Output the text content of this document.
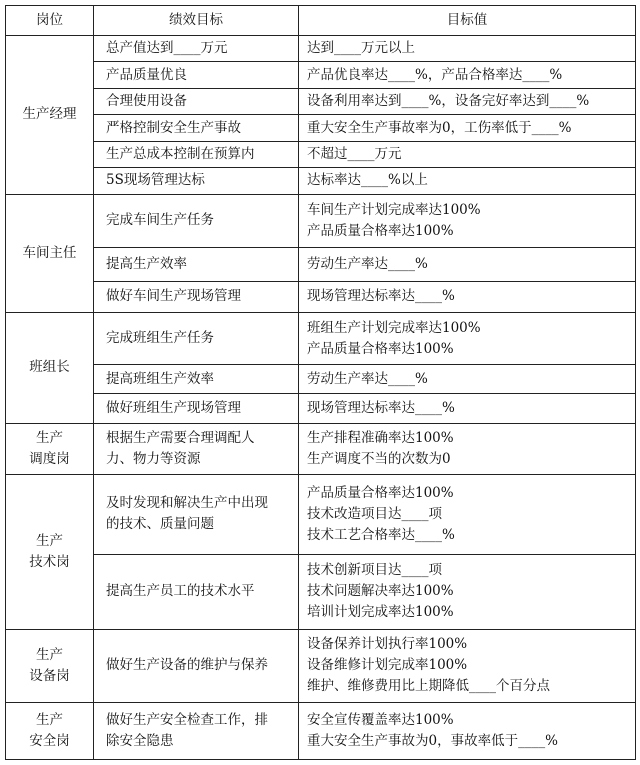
岗位	绩效目标	目标值

生产经理	总产值达到____万元	达到____万元以上

	产品质量优良	产品优良率达____%，产品合格率达____%

	合理使用设备	设备利用率达到____%，设备完好率达到____%

	严格控制安全生产事故	重大安全生产事故率为0，工伤率低于____%

	生产总成本控制在预算内	不超过____万元

	5S现场管理达标	达标率达____%以上

车间主任	完成车间生产任务	车间生产计划完成率达100%
产品质量合格率达100%

	提高生产效率	劳动生产率达____%

	做好车间生产现场管理	现场管理达标率达____%

班组长	完成班组生产任务	班组生产计划完成率达100%
产品质量合格率达100%

	提高班组生产效率	劳动生产率达____%

	做好班组生产现场管理	现场管理达标率达____%

生产
调度岗	根据生产需要合理调配人
力、物力等资源	生产排程准确率达100%
生产调度不当的次数为0

生产
技术岗	及时发现和解决生产中出现
的技术、质量问题	产品质量合格率达100%
技术改造项目达____项
技术工艺合格率达____%

	提高生产员工的技术水平	技术创新项目达____项
技术问题解决率达100%
培训计划完成率达100%

生产
设备岗	做好生产设备的维护与保养	设备保养计划执行率100%
设备维修计划完成率100%
维护、维修费用比上期降低____个百分点

生产
安全岗	做好生产安全检查工作，排
除安全隐患	安全宣传覆盖率达100%
重大安全生产事故为0，事故率低于____%
